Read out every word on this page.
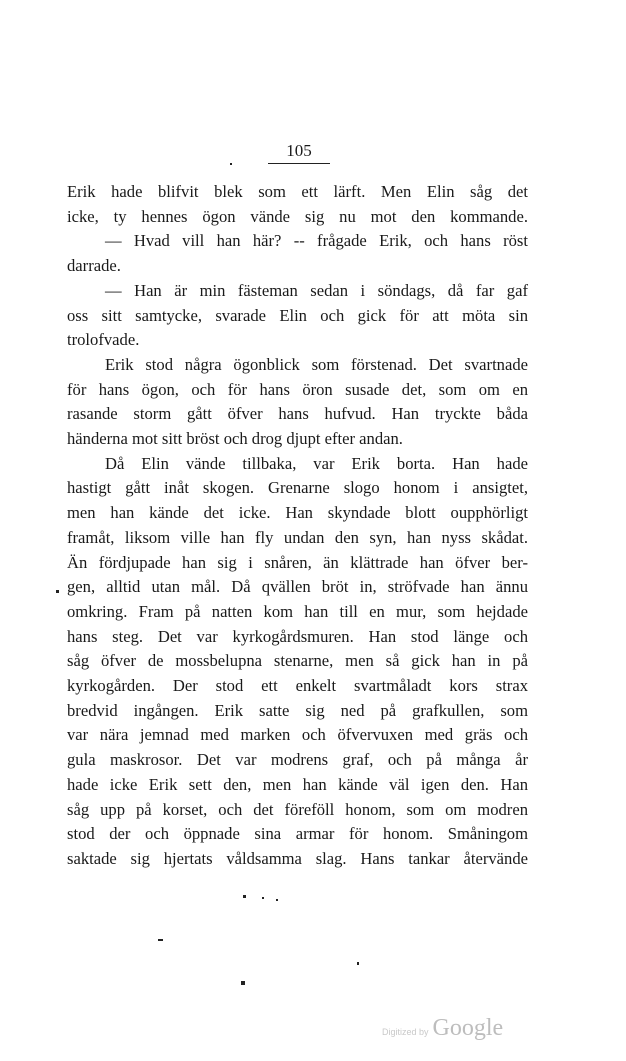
105
Erik hade blifvit blek som ett lärft. Men Elin såg det
icke, ty hennes ögon vände sig nu mot den kommande.
— Hvad vill han här? -- frågade Erik, och hans röst
darrade.
— Han är min fästeman sedan i söndags, då far gaf
oss sitt samtycke, svarade Elin och gick för att möta sin
trolofvade.
Erik stod några ögonblick som förstenad. Det svartnade
för hans ögon, och för hans öron susade det, som om en
rasande storm gått öfver hans hufvud. Han tryckte båda
händerna mot sitt bröst och drog djupt efter andan.
Då Elin vände tillbaka, var Erik borta. Han hade
hastigt gått inåt skogen. Grenarne slogo honom i ansigtet,
men han kände det icke. Han skyndade blott oupphörligt
framåt, liksom ville han fly undan den syn, han nyss skådat.
Än fördjupade han sig i snåren, än klättrade han öfver ber-
gen, alltid utan mål. Då qvällen bröt in, ströfvade han ännu
omkring. Fram på natten kom han till en mur, som hejdade
hans steg. Det var kyrkogårdsmuren. Han stod länge och
såg öfver de mossbelupna stenarne, men så gick han in på
kyrkogården. Der stod ett enkelt svartmåladt kors strax
bredvid ingången. Erik satte sig ned på grafkullen, som
var nära jemnad med marken och öfvervuxen med gräs och
gula maskrosor. Det var modrens graf, och på många år
hade icke Erik sett den, men han kände väl igen den. Han
såg upp på korset, och det föreföll honom, som om modren
stod der och öppnade sina armar för honom. Småningom
saktade sig hjertats våldsamma slag. Hans tankar återvände
Digitized by Google
